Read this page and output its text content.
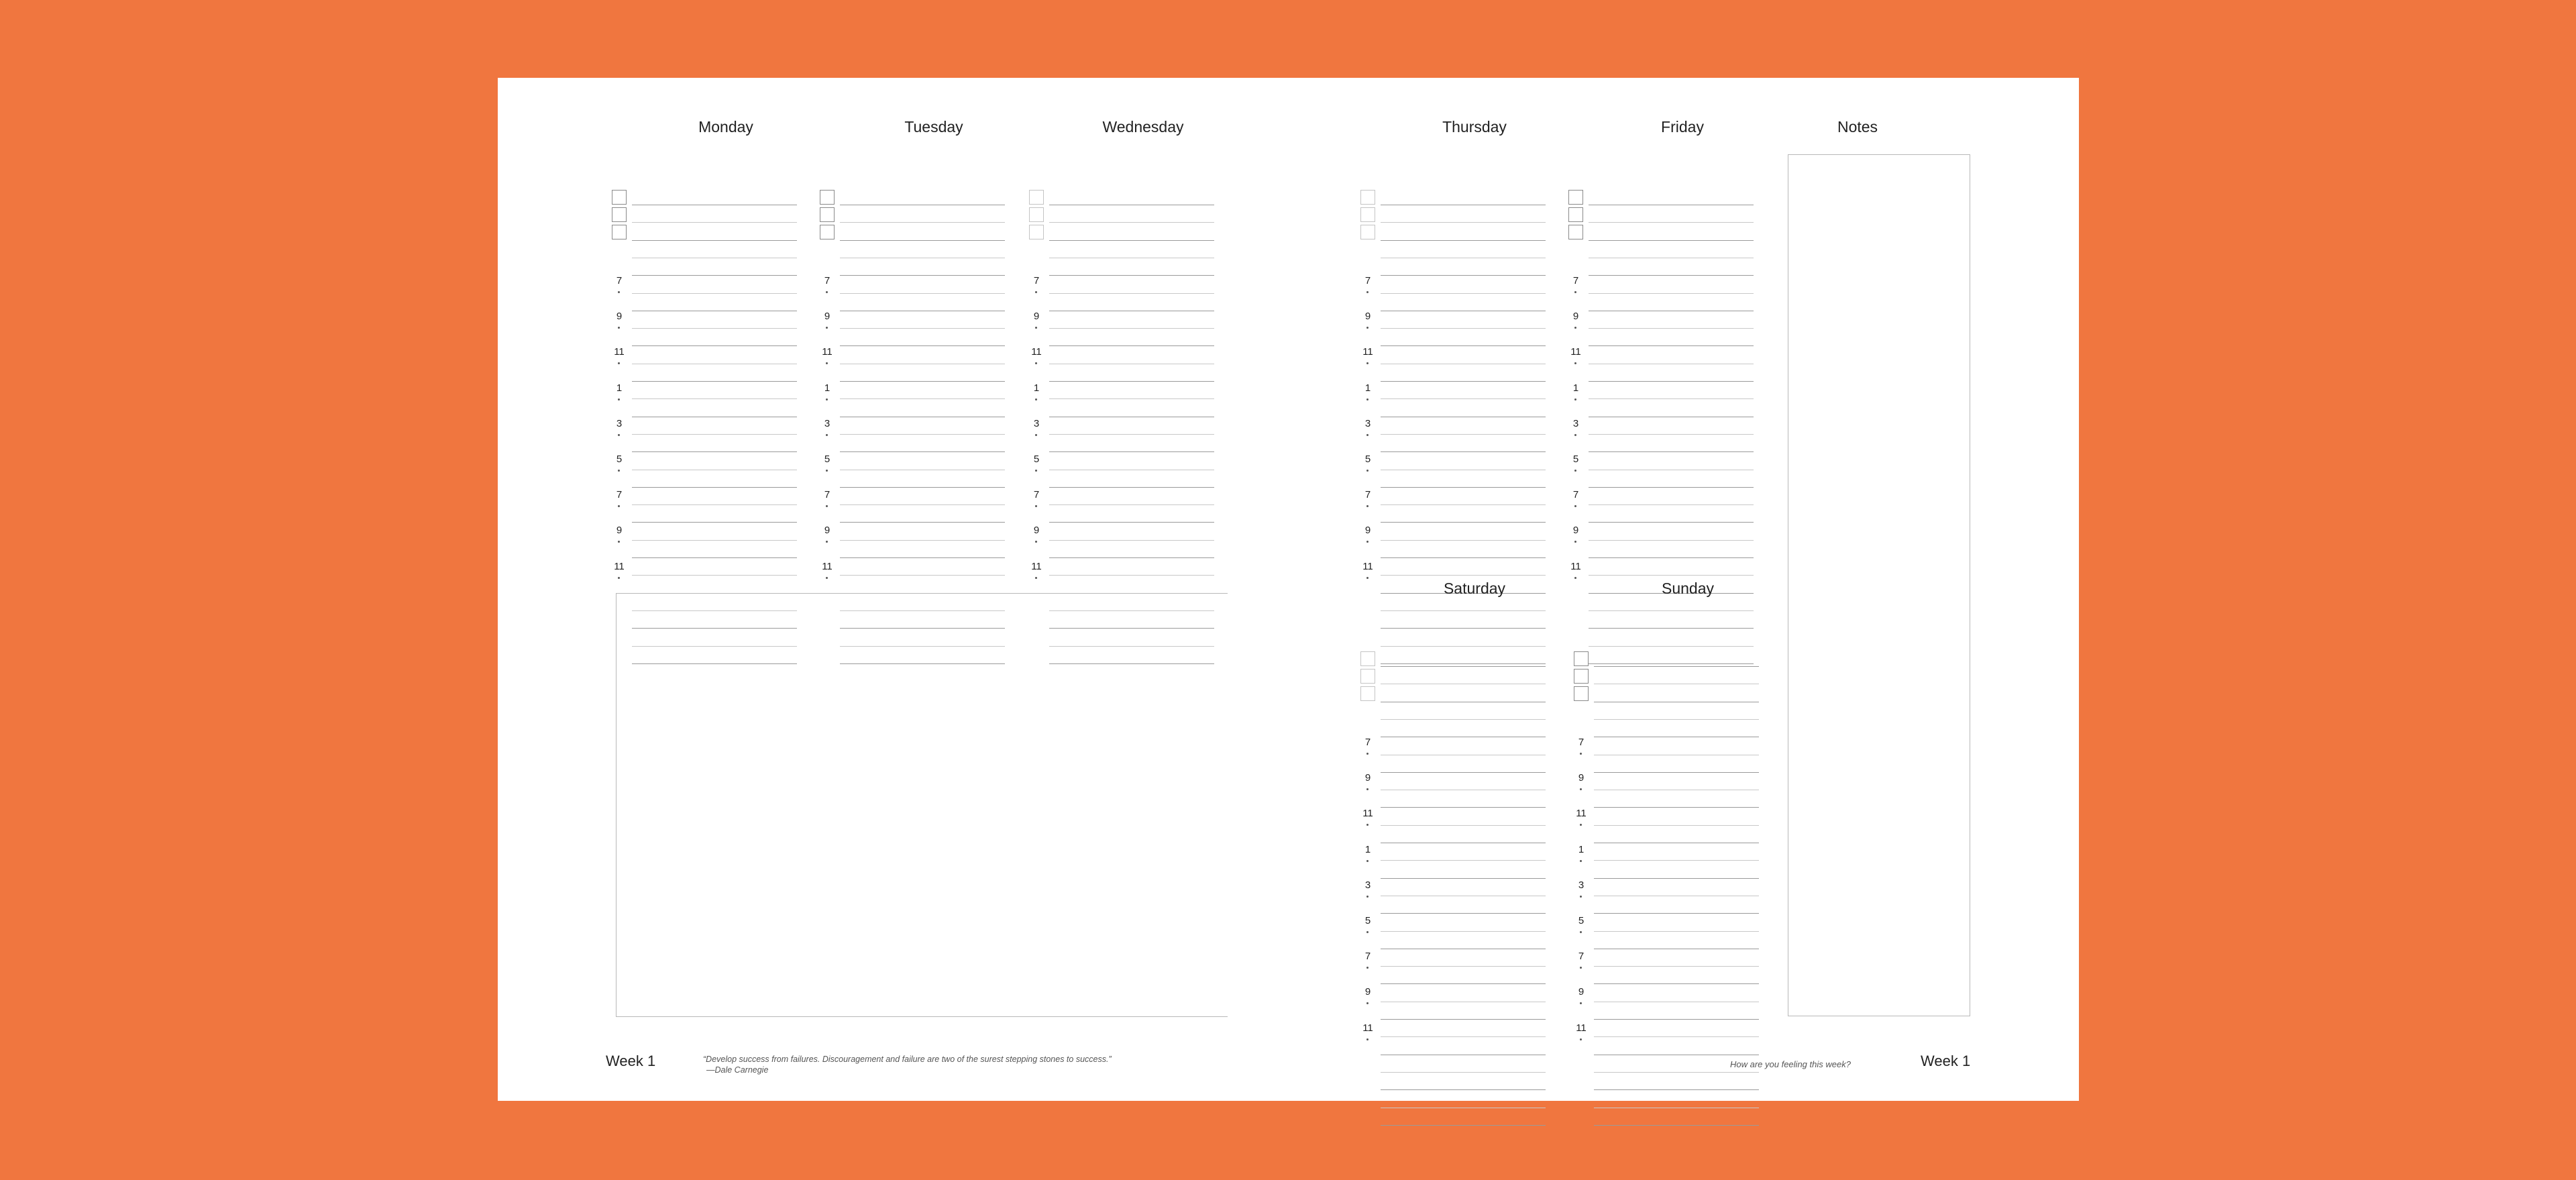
Monday
7
9
11
1
3
5
7
9
11
Tuesday
7
9
11
1
3
5
7
9
11
Wednesday
7
9
11
1
3
5
7
9
11
Thursday
7
9
11
1
3
5
7
9
11
Friday
7
9
11
1
3
5
7
9
11
Saturday
7
9
11
1
3
5
7
9
11
Sunday
7
9
11
1
3
5
7
9
11
Notes
Week 1	“Develop success from failures. Discouragement and failure are two of the surest stepping stones to success.”
—Dale Carnegie
How are you feeling this week?	Week 1
